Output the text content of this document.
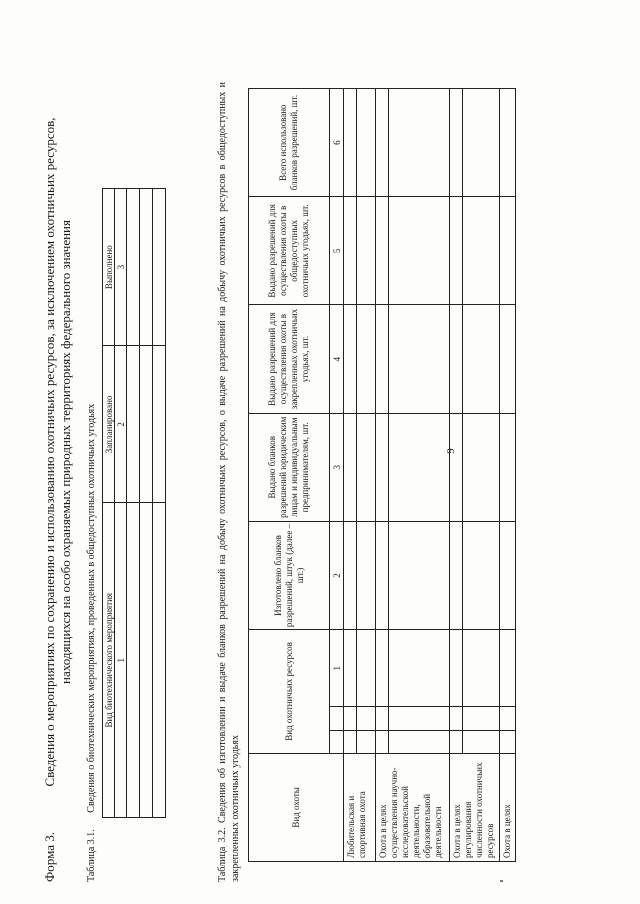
9
Форма 3.
Сведения о мероприятиях по сохранению и использованию охотничьих ресурсов, за исключением охотничьих ресурсов, находящихся на особо охраняемых природных территориях федерального значения
Таблица 3.1. Сведения о биотехнических мероприятиях, проведенных в общедоступных охотничьих угодьях Вид биотехнического мероприятия	Запланировано	Выполнено
1	2	3

Таблица 3.2. Сведения об изготовлении и выдаче бланков разрешений на добычу охотничьих ресурсов, о выдаче разрешений на добычу охотничьих ресурсов в общедоступных и закрепленных охотничьих угодьях	Вид охоты	Вид охотничьих ресурсов			Изготовлено бланков разрешений, штук (далее – шт.)	Выдано бланков разрешений юридическим лицам и индивидуальным предпринимателям, шт.	Выдано разрешений для осуществления охоты в закрепленных охотничьих угодьях, шт.	Выдано разрешений для осуществления охоты в общедоступных охотничьих угодьях, шт.	Всего использовано бланков разрешений, шт.
			1	2	3	4	5	6
Любительская и спортивная охота								

Охота в целях осуществления научно-исследовательской деятельности, образовательной деятельности								

Охота в целях регулирования численности охотничьих ресурсов								

Охота в целях								
